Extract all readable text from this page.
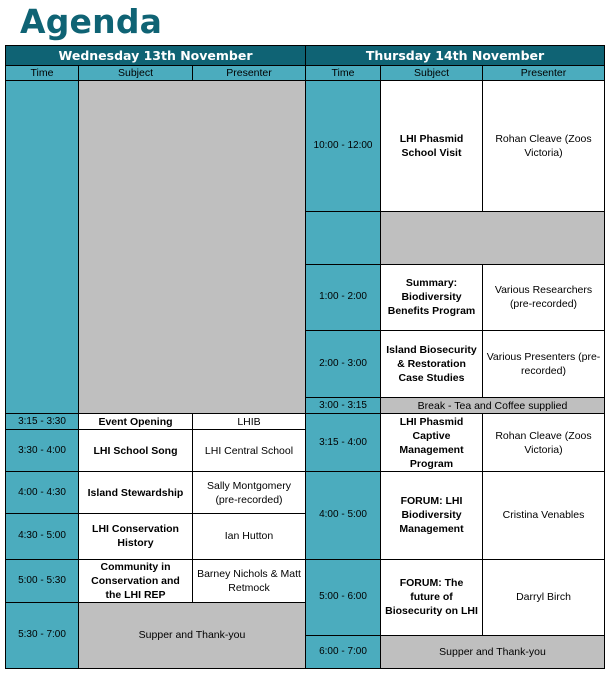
Agenda
Wednesday 13th November			Thursday 14th November		
Time	Subject	Presenter	Time	Subject	Presenter
			10:00 - 12:00	LHI Phasmid School Visit	Rohan Cleave (Zoos Victoria)

			1:00 - 2:00	Summary: Biodiversity Benefits Program	Various Researchers (pre-recorded)
			2:00 - 3:00	Island Biosecurity & Restoration Case Studies	Various Presenters (pre-recorded)
			3:00 - 3:15	Break - Tea and Coffee supplied	
3:15 - 3:30	Event Opening	LHIB	3:15 - 4:00	LHI Phasmid Captive Management Program	Rohan Cleave (Zoos Victoria)
3:30 - 4:00	LHI School Song	LHI Central School			
4:00 - 4:30	Island Stewardship	Sally Montgomery (pre-recorded)	4:00 - 5:00	FORUM: LHI Biodiversity Management	Cristina Venables
4:30 - 5:00	LHI Conservation History	Ian Hutton			
5:00 - 5:30	Community in Conservation and the LHI REP	Barney Nichols & Matt Retmock	5:00 - 6:00	FORUM: The future of Biosecurity on LHI	Darryl Birch
5:30 - 7:00	Supper and Thank-you				
			6:00 - 7:00	Supper and Thank-you	
